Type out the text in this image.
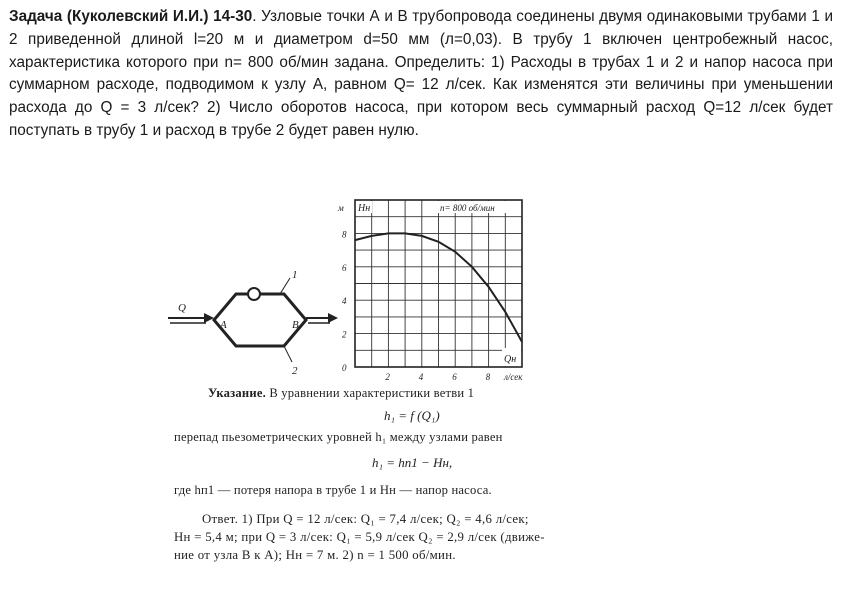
Задача (Куколевский И.И.) 14-30. Узловые точки А и В трубопровода соединены двумя одинаковыми трубами 1 и 2 приведенной длиной l=20 м и диаметром d=50 мм (л=0,03). В трубу 1 включен центробежный насос, характеристика которого при n= 800 об/мин задана. Определить: 1) Расходы в трубах 1 и 2 и напор насоса при суммарном расходе, подводимом к узлу А, равном Q= 12 л/сек. Как изменятся эти величины при уменьшении расхода до Q = 3 л/сек? 2) Число оборотов насоса, при котором весь суммарный расход Q=12 л/сек будет поступать в трубу 1 и расход в трубе 2 будет равен нулю.

Q
A	B
1
2
Hн
м	n= 800 об/мин
Qн
0
2
4
6
8
2	4	6	8 л/сек
Указание. В уравнении характеристики ветви 1
h₁ = f (Q₁)
перепад пьезометрических уровней h₁ между узлами равен
h₁ = hп1 − Hн,
где hп1 — потеря напора в трубе 1 и Hн — напор насоса.
Ответ. 1) При Q = 12 л/сек: Q₁ = 7,4 л/сек; Q₂ = 4,6 л/сек;
Hн = 5,4 м; при Q = 3 л/сек: Q₁ = 5,9 л/сек Q₂ = 2,9 л/сек (движе-
ние от узла B к A); Hн = 7 м. 2) n = 1 500 об/мин.
